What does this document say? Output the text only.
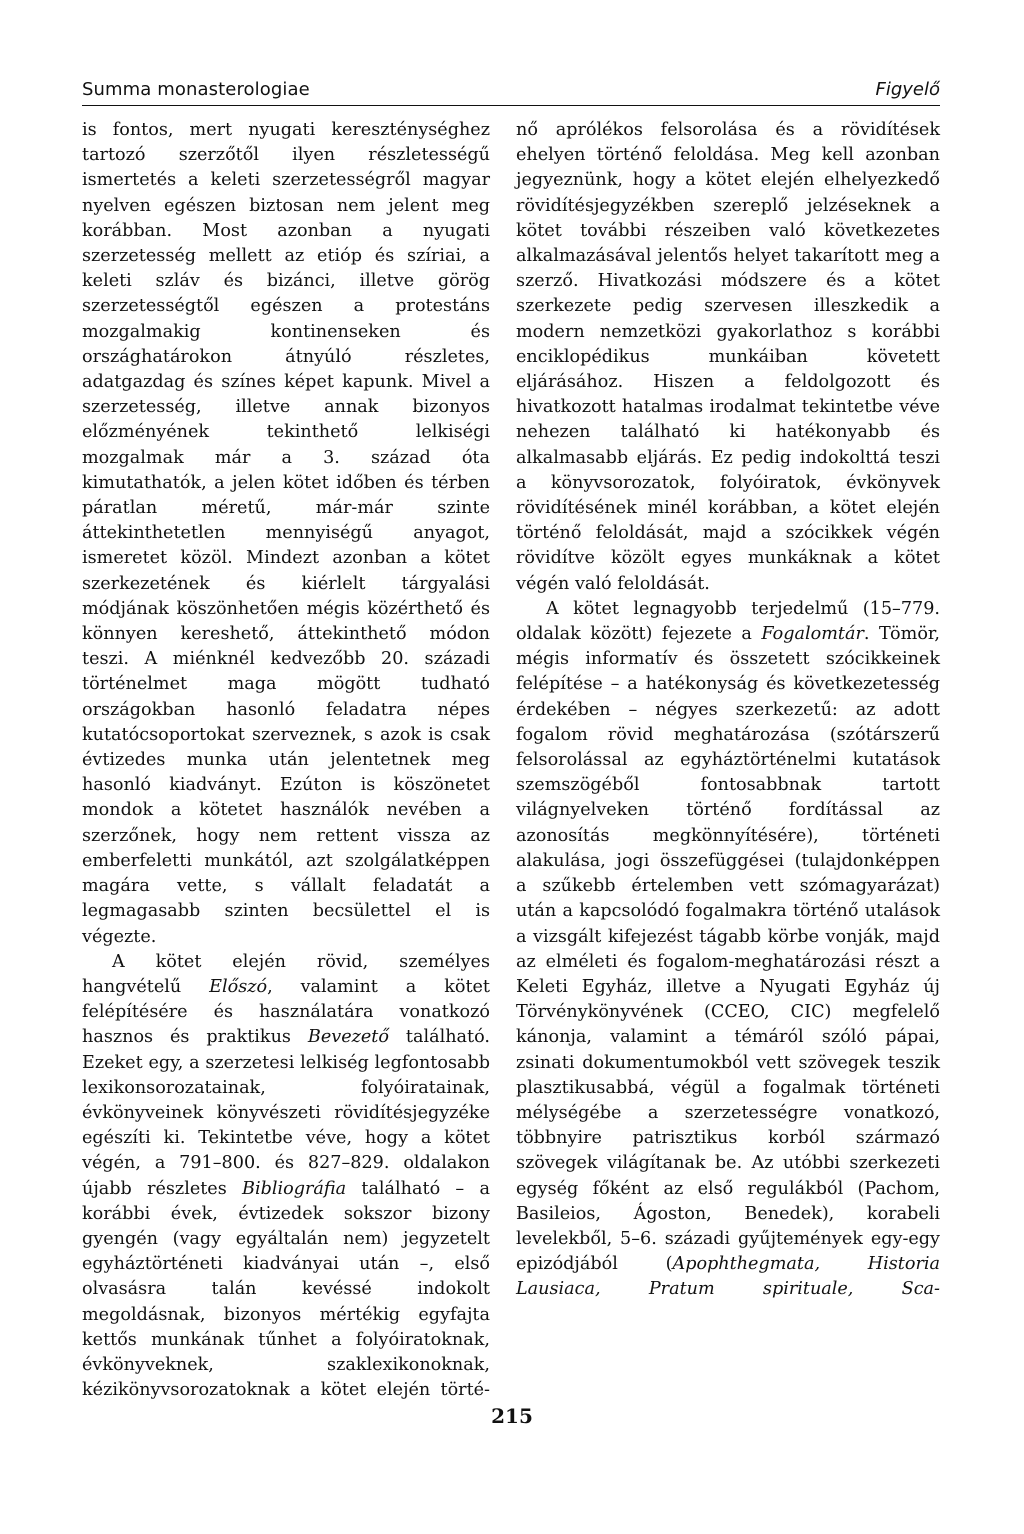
Summa monasterologiae	Figyelő

is fontos, mert nyugati kereszténységhez tartozó szerzőtől ilyen részletességű ismertetés a keleti szerzetességről magyar nyelven egészen biztosan nem jelent meg korábban. Most azonban a nyugati szerzetesség mellett az etióp és szíriai, a keleti szláv és bizánci, illetve görög szerzetességtől egészen a protestáns mozgalmakig kontinenseken és országhatárokon átnyúló részletes, adatgazdag és színes képet kapunk. Mivel a szerzetesség, illetve annak bizonyos előzményének tekinthető lelkiségi mozgalmak már a 3. század óta kimutathatók, a jelen kötet időben és térben páratlan méretű, már-már szinte áttekinthetetlen mennyiségű anyagot, ismeretet közöl. Mindezt azonban a kötet szerkezetének és kiérlelt tárgyalási módjának köszönhetően mégis közérthető és könnyen kereshető, áttekinthető módon teszi. A miénknél kedvezőbb 20. századi történelmet maga mögött tudható országokban hasonló feladatra népes kutatócsoportokat szerveznek, s azok is csak évtizedes munka után jelentetnek meg hasonló kiadványt. Ezúton is köszönetet mondok a kötetet használók nevében a szerzőnek, hogy nem rettent vissza az emberfeletti munkától, azt szolgálatképpen magára vette, s vállalt feladatát a legmagasabb szinten becsülettel el is végezte.

A kötet elején rövid, személyes hangvételű Előszó, valamint a kötet felépítésére és használatára vonatkozó hasznos és praktikus Bevezető található. Ezeket egy, a szerzetesi lelkiség legfontosabb lexikonsorozatainak, folyóiratainak, évkönyveinek könyvészeti rövidítésjegyzéke egészíti ki. Tekintetbe véve, hogy a kötet végén, a 791–800. és 827–829. oldalakon újabb részletes Bibliográfia található – a korábbi évek, évtizedek sokszor bizony gyengén (vagy egyáltalán nem) jegyzetelt egyháztörténeti kiadványai után –, első olvasásra talán kevéssé indokolt megoldásnak, bizonyos mértékig egyfajta kettős munkának tűnhet a folyóiratoknak, évkönyveknek, szaklexikonoknak, kézikönyvsorozatoknak a kötet elején törté-

nő aprólékos felsorolása és a rövidítések ehelyen történő feloldása. Meg kell azonban jegyeznünk, hogy a kötet elején elhelyezkedő rövidítésjegyzékben szereplő jelzéseknek a kötet további részeiben való következetes alkalmazásával jelentős helyet takarított meg a szerző. Hivatkozási módszere és a kötet szerkezete pedig szervesen illeszkedik a modern nemzetközi gyakorlathoz s korábbi enciklopédikus munkáiban követett eljárásához. Hiszen a feldolgozott és hivatkozott hatalmas irodalmat tekintetbe véve nehezen található ki hatékonyabb és alkalmasabb eljárás. Ez pedig indokolttá teszi a könyvsorozatok, folyóiratok, évkönyvek rövidítésének minél korábban, a kötet elején történő feloldását, majd a szócikkek végén rövidítve közölt egyes munkáknak a kötet végén való feloldását.

A kötet legnagyobb terjedelmű (15–779. oldalak között) fejezete a Fogalomtár. Tömör, mégis informatív és összetett szócikkeinek felépítése – a hatékonyság és következetesség érdekében – négyes szerkezetű: az adott fogalom rövid meghatározása (szótárszerű felsorolással az egyháztörténelmi kutatások szemszögéből fontosabbnak tartott világnyelveken történő fordítással az azonosítás megkönnyítésére), történeti alakulása, jogi összefüggései (tulajdonképpen a szűkebb értelemben vett szómagyarázat) után a kapcsolódó fogalmakra történő utalások a vizsgált kifejezést tágabb körbe vonják, majd az elméleti és fogalom-meghatározási részt a Keleti Egyház, illetve a Nyugati Egyház új Törvénykönyvének (CCEO, CIC) megfelelő kánonja, valamint a témáról szóló pápai, zsinati dokumentumokból vett szövegek teszik plasztikusabbá, végül a fogalmak történeti mélységébe a szerzetességre vonatkozó, többnyire patrisztikus korból származó szövegek világítanak be. Az utóbbi szerkezeti egység főként az első regulákból (Pachom, Basileios, Ágoston, Benedek), korabeli levelekből, 5–6. századi gyűjtemények egy-egy epizódjából (Apophthegmata, Historia Lausiaca, Pratum spirituale, Sca-

215
